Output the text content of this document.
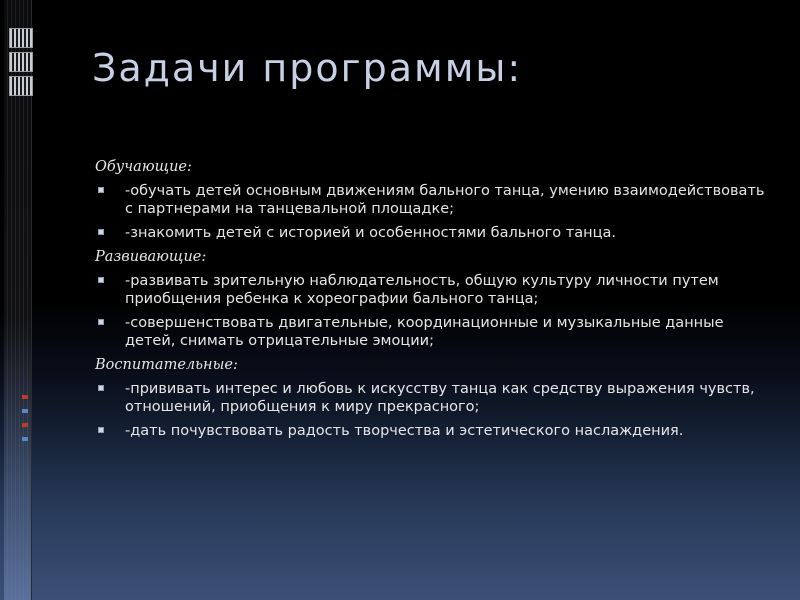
Задачи программы:
Обучающие:
-обучать детей основным движениям бального танца, умению взаимодействовать с партнерами на танцевальной площадке;
-знакомить детей с историей и особенностями бального танца.
Развивающие:
-развивать зрительную наблюдательность, общую культуру личности путем приобщения ребенка к хореографии бального танца;
-совершенствовать двигательные, координационные и музыкальные данные детей, снимать отрицательные эмоции;
Воспитательные:
-прививать интерес и любовь к искусству танца как средству выражения чувств, отношений, приобщения к миру прекрасного;
-дать почувствовать радость творчества и эстетического наслаждения.
